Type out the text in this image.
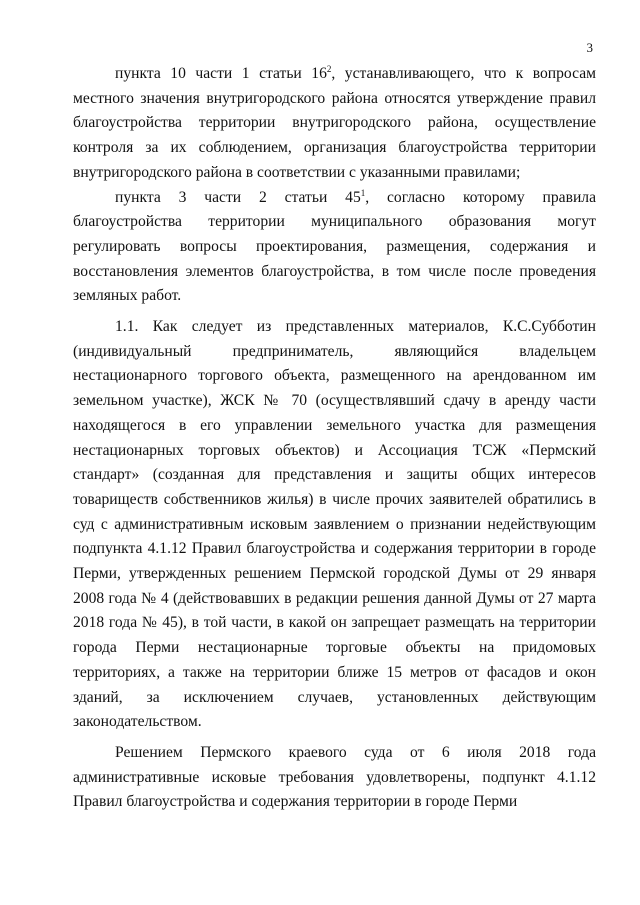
3

пункта 10 части 1 статьи $16^2$, устанавливающего, что к вопросам местного значения внутригородского района относятся утверждение правил благоустройства территории внутригородского района, осуществление контроля за их соблюдением, организация благоустройства территории внутригородского района в соответствии с указанными правилами;

пункта 3 части 2 статьи $45^1$, согласно которому правила благоустройства территории муниципального образования могут регулировать вопросы проектирования, размещения, содержания и восстановления элементов благоустройства, в том числе после проведения земляных работ.

1.1. Как следует из представленных материалов, К.С.Субботин (индивидуальный предприниматель, являющийся владельцем нестационарного торгового объекта, размещенного на арендованном им земельном участке), ЖСК № 70 (осуществлявший сдачу в аренду части находящегося в его управлении земельного участка для размещения нестационарных торговых объектов) и Ассоциация ТСЖ «Пермский стандарт» (созданная для представления и защиты общих интересов товариществ собственников жилья) в числе прочих заявителей обратились в суд с административным исковым заявлением о признании недействующим подпункта 4.1.12 Правил благоустройства и содержания территории в городе Перми, утвержденных решением Пермской городской Думы от 29 января 2008 года № 4 (действовавших в редакции решения данной Думы от 27 марта 2018 года № 45), в той части, в какой он запрещает размещать на территории города Перми нестационарные торговые объекты на придомовых территориях, а также на территории ближе 15 метров от фасадов и окон зданий, за исключением случаев, установленных действующим законодательством.

Решением Пермского краевого суда от 6 июля 2018 года административные исковые требования удовлетворены, подпункт 4.1.12 Правил благоустройства и содержания территории в городе Перми
